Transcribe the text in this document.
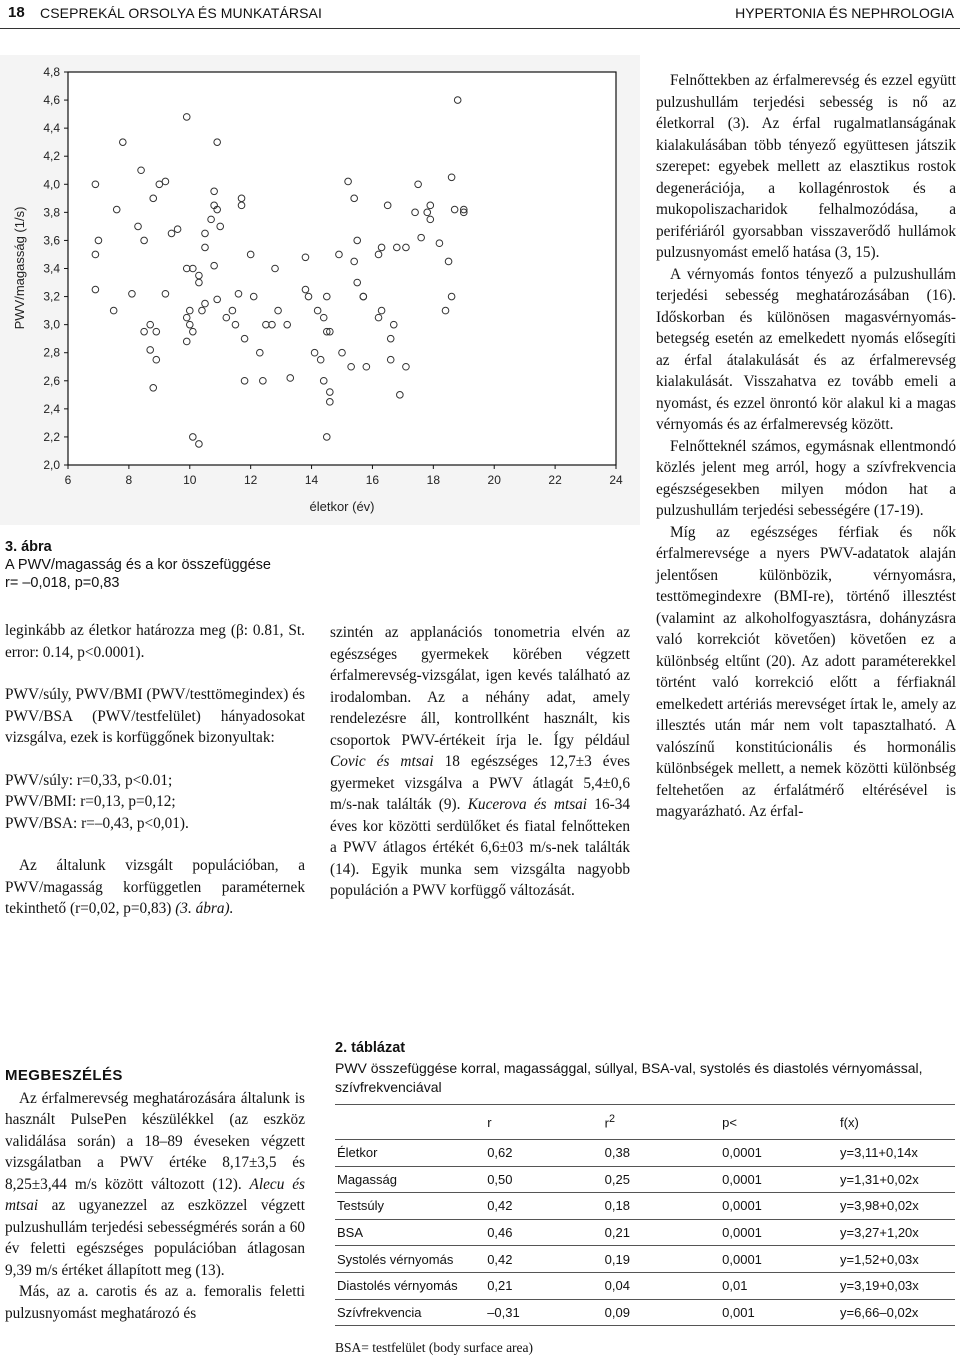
18 CSEPREKÁL ORSOLYA ÉS MUNKATÁRSAI	HYPERTONIA ÉS NEPHROLOGIA
2,0
2,2
2,4
2,6
2,8
3,0
3,2
3,4
3,6
3,8
4,0
4,2
4,4
4,6
4,8
6	8	10	12	14	16	18	20	22	24
PWV/magasság (1/s)
életkor (év)
3. ábra
A PWV/magasság és a kor összefüggése
r= –0,018, p=0,83

leginkább az életkor határozza meg (β: 0.81, St. error: 0.14, p<0.0001).

PWV/súly, PWV/BMI (PWV/testtömegindex) és PWV/BSA (PWV/testfelület) hányadosokat vizsgálva, ezek is korfüggőnek bizonyultak:

PWV/súly: r=0,33, p<0.01;
PWV/BMI: r=0,13, p=0,12;
PWV/BSA: r=–0,43, p<0,01).

Az általunk vizsgált populációban, a PWV/magasság korfüggetlen paraméternek tekinthető (r=0,02, p=0,83) (3. ábra).

szintén az applanációs tonometria elvén az egészséges gyermekek körében végzett érfalmerevség-vizsgálat, igen kevés található az irodalomban. Az a néhány adat, amely rendelezésre áll, kontrollként használt, kis csoportok PWV-értékeit írja le. Így például Covic és mtsai 18 egészséges 12,7±3 éves gyermeket vizsgálva a PWV átlagát 5,4±0,6 m/s-nak találták (9). Kucerova és mtsai 16-34 éves kor közötti serdülőket és fiatal felnőtteken a PWV átlagos értékét 6,6±03 m/s-nek találták (14). Egyik munka sem vizsgálta nagyobb populáción a PWV korfüggő változását.

Felnőttekben az érfalmerevség és ezzel együtt pulzushullám terjedési sebesség is nő az életkorral (3). Az érfal rugalmatlanságának kialakulásában több tényező együttesen játszik szerepet: egyebek mellett az elasztikus rostok degenerációja, a kollagénrostok és a mukopoliszacharidok felhalmozódása, a perifériáról gyorsabban visszaverődő hullámok pulzusnyomást emelő hatása (3, 15).

A vérnyomás fontos tényező a pulzushullám terjedési sebesség meghatározásában (16). Időskorban és különösen magasvérnyomás-betegség esetén az emelkedett nyomás elősegíti az érfal átalakulását és az érfalmerevség kialakulását. Visszahatva ez tovább emeli a nyomást, és ezzel önrontó kör alakul ki a magas vérnyomás és az érfalmerevség között.

Felnőtteknél számos, egymásnak ellentmondó közlés jelent meg arról, hogy a szívfrekvencia egészségesekben milyen módon hat a pulzushullám terjedési sebességére (17-19).

Míg az egészséges férfiak és nők érfalmerevsége a nyers PWV-adatatok alaján jelentősen különbözik, vérnyomásra, testtömegindexre (BMI-re), történő illesztést (valamint az alkoholfogyasztásra, dohányzásra való korrekciót követően) követően ez a különbség eltűnt (20). Az adott paraméterekkel történt való korrekció előtt a férfiaknál emelkedett artériás merevséget írtak le, amely az illesztés után már nem volt tapasztalható. A valószínű konstitúcionális és hormonális különbségek mellett, a nemek közötti különbség feltehetően az érfalátmérő eltérésével is magyarázható. Az érfal-

MEGBESZÉLÉS

Az érfalmerevség meghatározására általunk is használt PulsePen készülékkel (az eszköz validálása során) a 18–89 éveseken végzett vizsgálatban a PWV értéke 8,17±3,5 és 8,25±3,44 m/s között változott (12). Alecu és mtsai az ugyanezzel az eszközzel végzett pulzushullám terjedési sebességmérés során a 60 év feletti egészséges populációban átlagosan 9,39 m/s értéket állapított meg (13).

Más, az a. carotis és az a. femoralis feletti pulzusnyomást meghatározó és

2. táblázat
PWV összefüggése korral, magassággal, súllyal, BSA-val, systolés és diastolés vérnyomással, szívfrekvenciával
	r	$r^2$	p<	f(x)
Életkor	0,62	0,38	0,0001	y=3,11+0,14x
Magasság	0,50	0,25	0,0001	y=1,31+0,02x
Testsúly	0,42	0,18	0,0001	y=3,98+0,02x
BSA	0,46	0,21	0,0001	y=3,27+1,20x
Systolés vérnyomás	0,42	0,19	0,0001	y=1,52+0,03x
Diastolés vérnyomás	0,21	0,04	0,01	y=3,19+0,03x
Szívfrekvencia	–0,31	0,09	0,001	y=6,66–0,02x
BSA= testfelület (body surface area)
